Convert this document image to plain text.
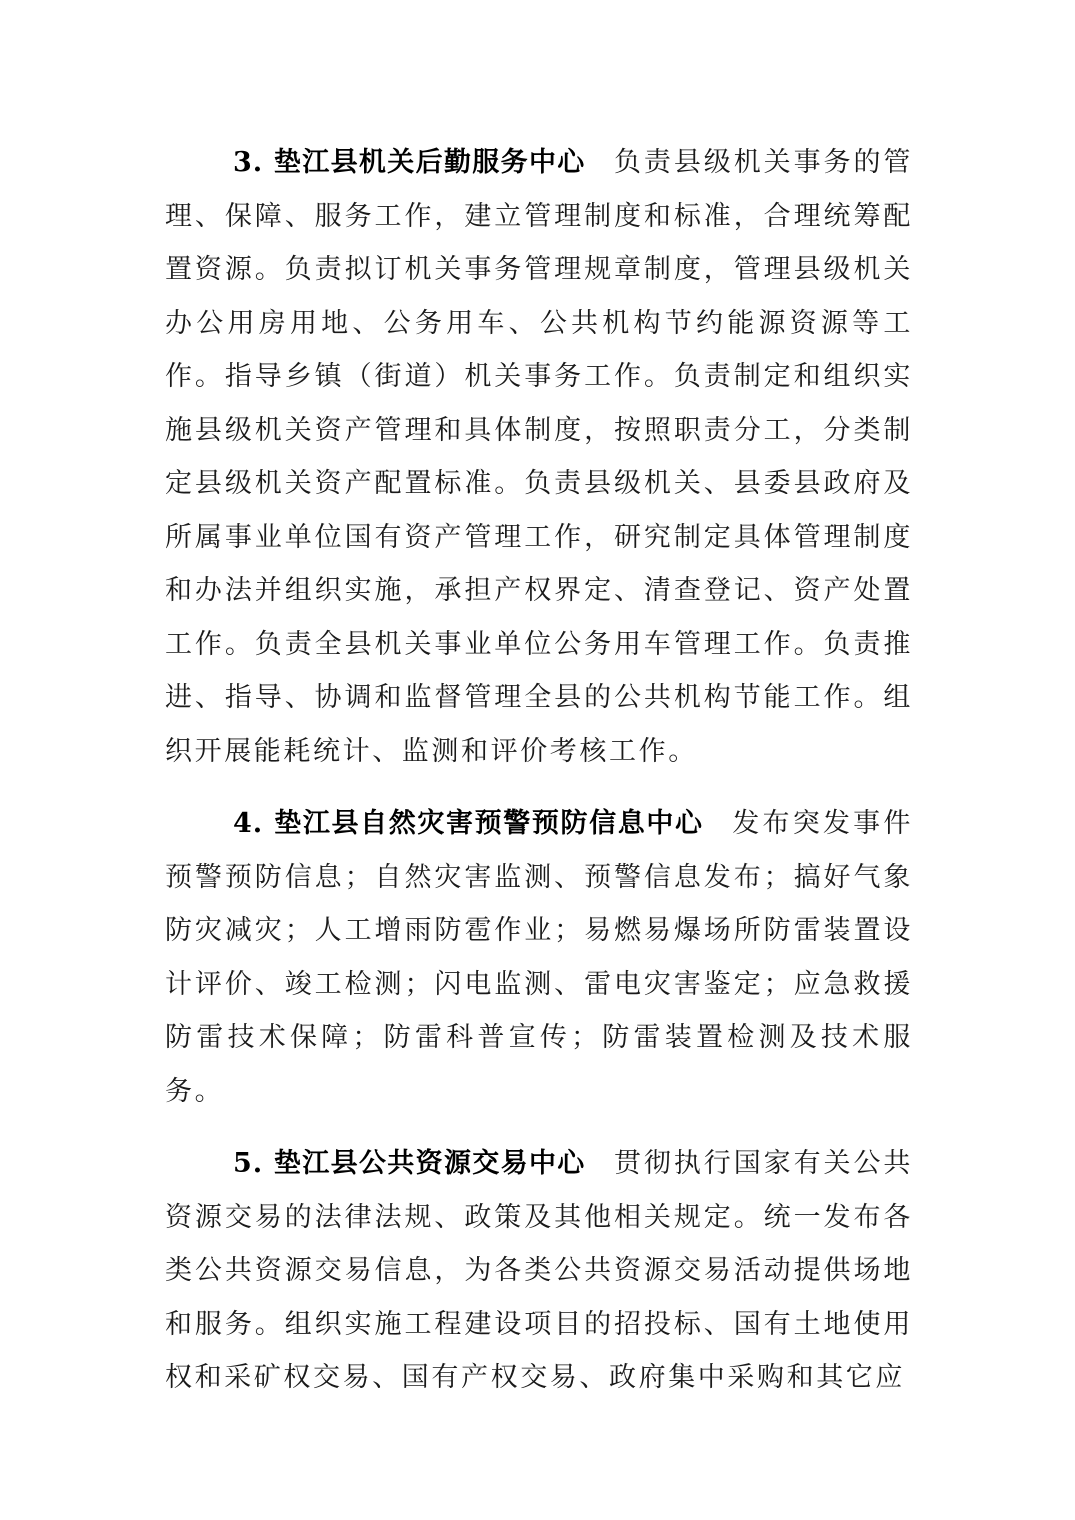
3. 垫江县机关后勤服务中心 负责县级机关事务的管理、保障、服务工作，建立管理制度和标准，合理统筹配置资源。负责拟订机关事务管理规章制度，管理县级机关办公用房用地、公务用车、公共机构节约能源资源等工作。指导乡镇（街道）机关事务工作。负责制定和组织实施县级机关资产管理和具体制度，按照职责分工，分类制定县级机关资产配置标准。负责县级机关、县委县政府及所属事业单位国有资产管理工作，研究制定具体管理制度和办法并组织实施，承担产权界定、清查登记、资产处置工作。负责全县机关事业单位公务用车管理工作。负责推进、指导、协调和监督管理全县的公共机构节能工作。组织开展能耗统计、监测和评价考核工作。

4. 垫江县自然灾害预警预防信息中心 发布突发事件预警预防信息；自然灾害监测、预警信息发布；搞好气象防灾减灾；人工增雨防雹作业；易燃易爆场所防雷装置设计评价、竣工检测；闪电监测、雷电灾害鉴定；应急救援防雷技术保障；防雷科普宣传；防雷装置检测及技术服务。

5. 垫江县公共资源交易中心 贯彻执行国家有关公共资源交易的法律法规、政策及其他相关规定。统一发布各类公共资源交易信息，为各类公共资源交易活动提供场地和服务。组织实施工程建设项目的招投标、国有土地使用权和采矿权交易、国有产权交易、政府集中采购和其它应
